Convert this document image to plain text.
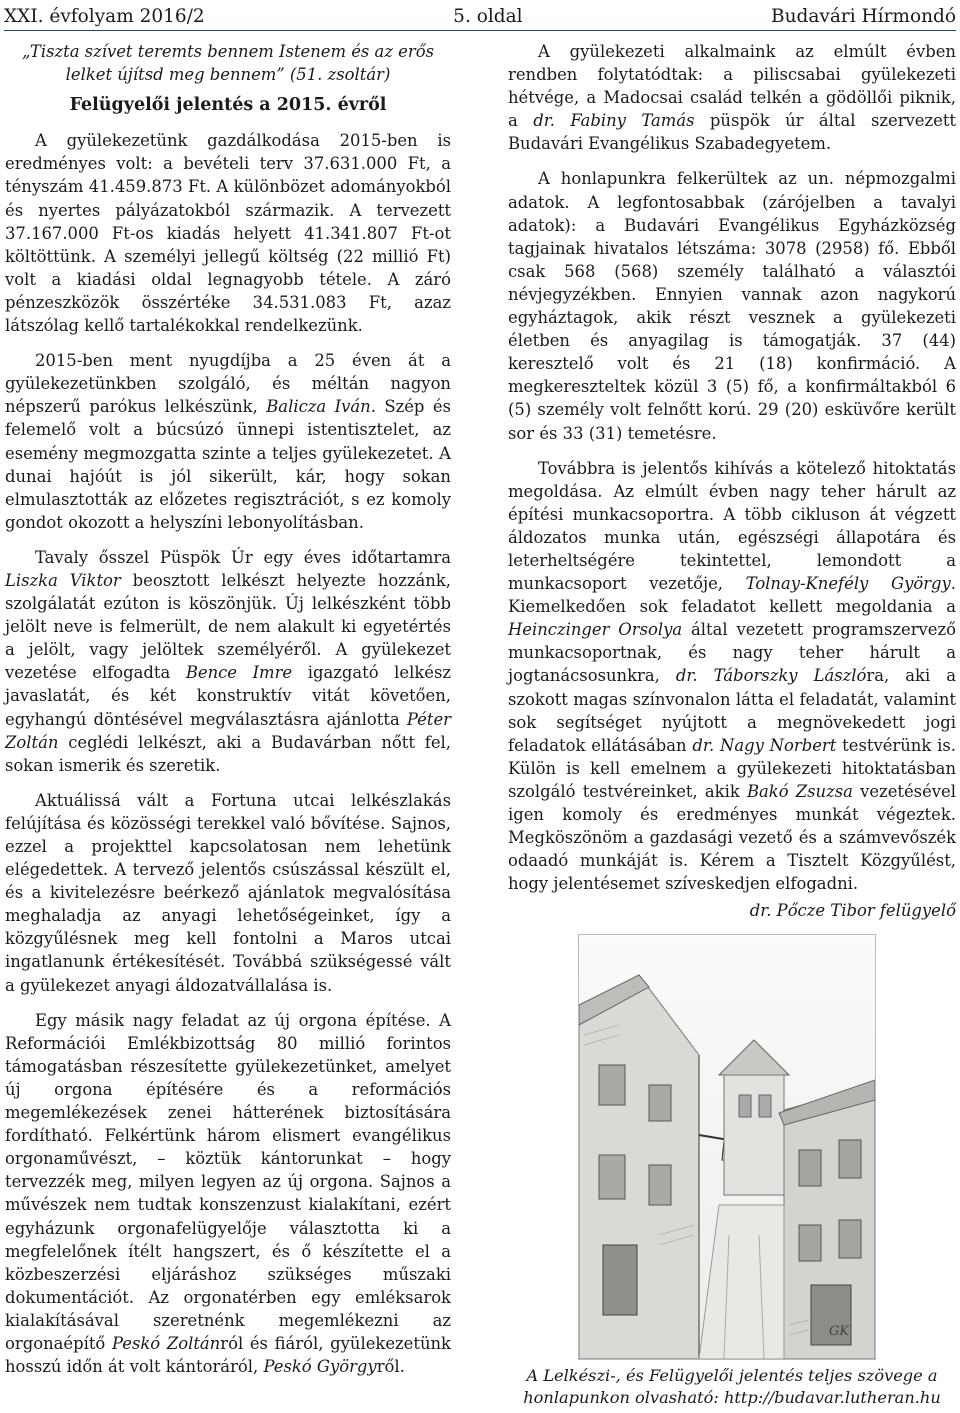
XXI. évfolyam 2016/2	5. oldal	Budavári Hírmondó

„Tiszta szívet teremts bennem Istenem és az erős lelket újítsd meg bennem” (51. zsoltár)

Felügyelői jelentés a 2015. évről

A gyülekezetünk gazdálkodása 2015-ben is eredményes volt: a bevételi terv 37.631.000 Ft, a tényszám 41.459.873 Ft. A különbözet adományokból és nyertes pályázatokból származik. A tervezett 37.167.000 Ft-os kiadás helyett 41.341.807 Ft-ot költöttünk. A személyi jellegű költség (22 millió Ft) volt a kiadási oldal legnagyobb tétele. A záró pénzeszközök összértéke 34.531.083 Ft, azaz látszólag kellő tartalékokkal rendelkezünk.

2015-ben ment nyugdíjba a 25 éven át a gyülekezetünkben szolgáló, és méltán nagyon népszerű parókus lelkészünk, Balicza Iván. Szép és felemelő volt a búcsúzó ünnepi istentisztelet, az esemény megmozgatta szinte a teljes gyülekezetet. A dunai hajóút is jól sikerült, kár, hogy sokan elmulasztották az előzetes regisztrációt, s ez komoly gondot okozott a helyszíni lebonyolításban.

Tavaly ősszel Püspök Úr egy éves időtartamra Liszka Viktor beosztott lelkészt helyezte hozzánk, szolgálatát ezúton is köszönjük. Új lelkészként több jelölt neve is felmerült, de nem alakult ki egyetértés a jelölt, vagy jelöltek személyéről. A gyülekezet vezetése elfogadta Bence Imre igazgató lelkész javaslatát, és két konstruktív vitát követően, egyhangú döntésével megválasztásra ajánlotta Péter Zoltán ceglédi lelkészt, aki a Budavárban nőtt fel, sokan ismerik és szeretik.

Aktuálissá vált a Fortuna utcai lelkészlakás felújítása és közösségi terekkel való bővítése. Sajnos, ezzel a projekttel kapcsolatosan nem lehetünk elégedettek. A tervező jelentős csúszással készült el, és a kivitelezésre beérkező ajánlatok megvalósítása meghaladja az anyagi lehetőségeinket, így a közgyűlésnek meg kell fontolni a Maros utcai ingatlanunk értékesítését. Továbbá szükségessé vált a gyülekezet anyagi áldozatvállalása is.

Egy másik nagy feladat az új orgona építése. A Reformációi Emlékbizottság 80 millió forintos támogatásban részesítette gyülekezetünket, amelyet új orgona építésére és a reformációs megemlékezések zenei hátterének biztosítására fordítható. Felkértünk három elismert evangélikus orgonaművészt, – köztük kántorunkat – hogy tervezzék meg, milyen legyen az új orgona. Sajnos a művészek nem tudtak konszenzust kialakítani, ezért egyházunk orgonafelügyelője választotta ki a megfelelőnek ítélt hangszert, és ő készítette el a közbeszerzési eljáráshoz szükséges műszaki dokumentációt. Az orgonatérben egy emléksarok kialakításával szeretnénk megemlékezni az orgonaépítő Peskó Zoltánról és fiáról, gyülekezetünk hosszú időn át volt kántoráról, Peskó Györgyről.

A gyülekezeti alkalmaink az elmúlt évben rendben folytatódtak: a piliscsabai gyülekezeti hétvége, a Madocsai család telkén a gödöllői piknik, a dr. Fabiny Tamás püspök úr által szervezett Budavári Evangélikus Szabadegyetem.

A honlapunkra felkerültek az un. népmozgalmi adatok. A legfontosabbak (zárójelben a tavalyi adatok): a Budavári Evangélikus Egyházközség tagjainak hivatalos létszáma: 3078 (2958) fő. Ebből csak 568 (568) személy található a választói névjegyzékben. Ennyien vannak azon nagykorú egyháztagok, akik részt vesznek a gyülekezeti életben és anyagilag is támogatják. 37 (44) keresztelő volt és 21 (18) konfirmáció. A megkereszteltek közül 3 (5) fő, a konfirmáltakból 6 (5) személy volt felnőtt korú. 29 (20) esküvőre került sor és 33 (31) temetésre.

Továbbra is jelentős kihívás a kötelező hitoktatás megoldása. Az elmúlt évben nagy teher hárult az építési munkacsoportra. A több cikluson át végzett áldozatos munka után, egészségi állapotára és leterheltségére tekintettel, lemondott a munkacsoport vezetője, Tolnay-Knefély György. Kiemelkedően sok feladatot kellett megoldania a Heinczinger Orsolya által vezetett programszervező munkacsoportnak, és nagy teher hárult a jogtanácsosunkra, dr. Táborszky Lászlóra, aki a szokott magas színvonalon látta el feladatát, valamint sok segítséget nyújtott a megnövekedett jogi feladatok ellátásában dr. Nagy Norbert testvérünk is. Külön is kell emelnem a gyülekezeti hitoktatásban szolgáló testvéreinket, akik Bakó Zsuzsa vezetésével igen komoly és eredményes munkát végeztek. Megköszönöm a gazdasági vezető és a számvevőszék odaadó munkáját is. Kérem a Tisztelt Közgyűlést, hogy jelentésemet szíveskedjen elfogadni.

dr. Pőcze Tibor felügyelő

GK
A Lelkészi-, és Felügyelői jelentés teljes szövege a honlapunkon olvasható: http://budavar.lutheran.hu
